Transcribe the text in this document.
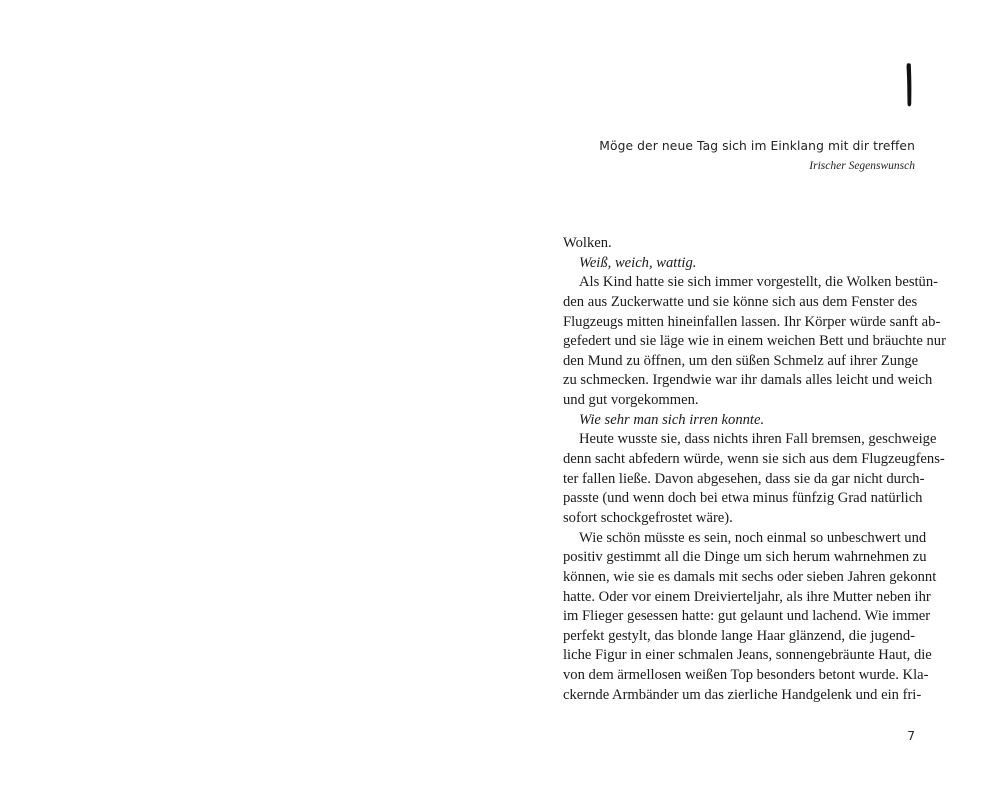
Möge der neue Tag sich im Einklang mit dir treffen
Irischer Segenswunsch
Wolken.
Weiß, weich, wattig.
Als Kind hatte sie sich immer vorgestellt, die Wolken bestün-
den aus Zuckerwatte und sie könne sich aus dem Fenster des
Flugzeugs mitten hineinfallen lassen. Ihr Körper würde sanft ab-
gefedert und sie läge wie in einem weichen Bett und bräuchte nur
den Mund zu öffnen, um den süßen Schmelz auf ihrer Zunge
zu schmecken. Irgendwie war ihr damals alles leicht und weich
und gut vorgekommen.
Wie sehr man sich irren konnte.
Heute wusste sie, dass nichts ihren Fall bremsen, geschweige
denn sacht abfedern würde, wenn sie sich aus dem Flugzeugfens-
ter fallen ließe. Davon abgesehen, dass sie da gar nicht durch-
passte (und wenn doch bei etwa minus fünfzig Grad natürlich
sofort schockgefrostet wäre).
Wie schön müsste es sein, noch einmal so unbeschwert und
positiv gestimmt all die Dinge um sich herum wahrnehmen zu
können, wie sie es damals mit sechs oder sieben Jahren gekonnt
hatte. Oder vor einem Dreivierteljahr, als ihre Mutter neben ihr
im Flieger gesessen hatte: gut gelaunt und lachend. Wie immer
perfekt gestylt, das blonde lange Haar glänzend, die jugend-
liche Figur in einer schmalen Jeans, sonnengebräunte Haut, die
von dem ärmellosen weißen Top besonders betont wurde. Kla-
ckernde Armbänder um das zierliche Handgelenk und ein fri-
7
